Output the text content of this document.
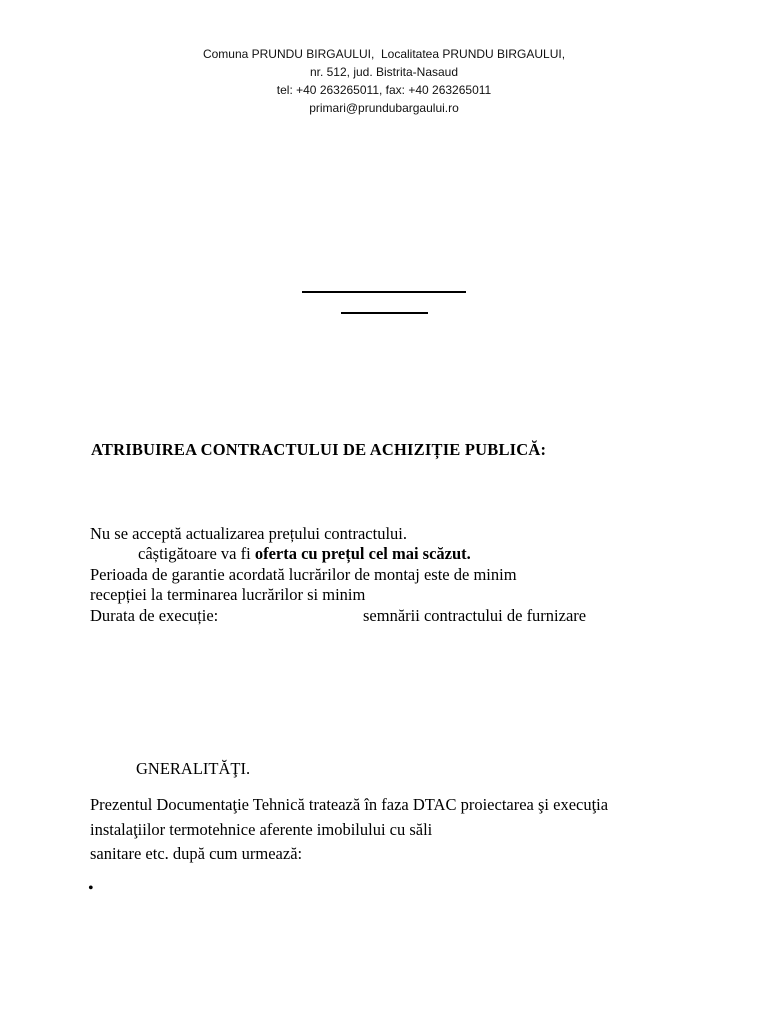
Comuna PRUNDU BIRGAULUI,  Localitatea PRUNDU BIRGAULUI,
nr. 512, jud. Bistrita-Nasaud
tel: +40 263265011, fax: +40 263265011
primari@prundubargaului.ro
ATRIBUIREA CONTRACTULUI DE ACHIZIȚIE PUBLICĂ:
Nu se acceptă actualizarea prețului contractului.
câștigătoare va fi oferta cu prețul cel mai scăzut.
Perioada de garantie acordată lucrărilor de montaj este de minim
recepției la terminarea lucrărilor si minim
Durata de execuție:	semnării contractului de furnizare
GNERALITĂŢI.
Prezentul Documentaţie Tehnică tratează în faza DTAC proiectarea şi execuţia
instalaţiilor termotehnice aferente imobilului cu săli
sanitare etc. după cum urmează:
•
